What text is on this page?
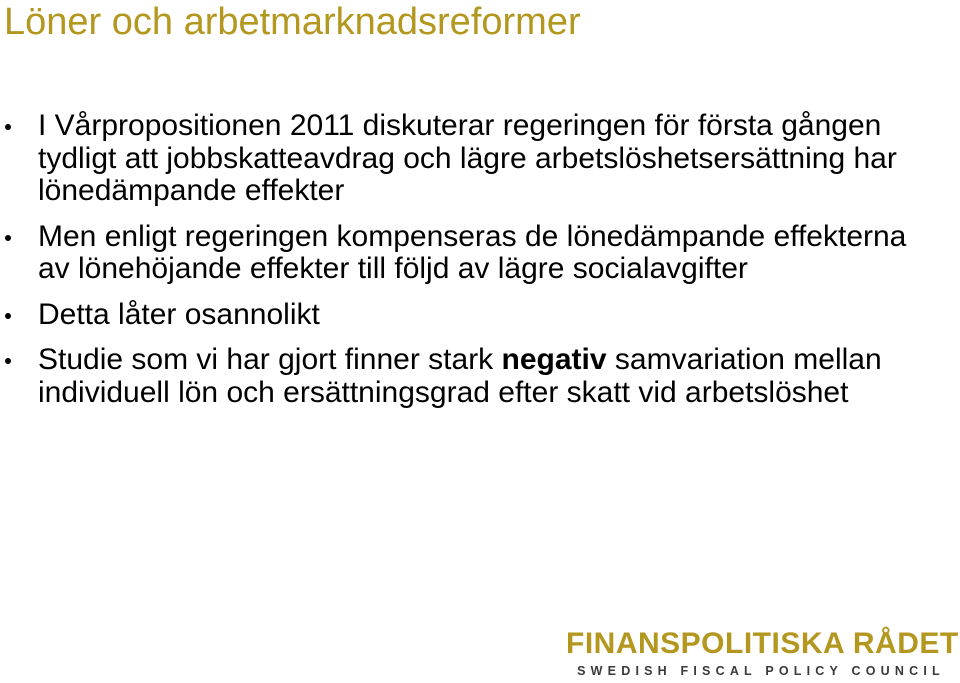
Löner och arbetmarknadsreformer
I Vårpropositionen 2011 diskuterar regeringen för första gången tydligt att jobbskatteavdrag och lägre arbetslöshetsersättning har lönedämpande effekter
Men enligt regeringen kompenseras de lönedämpande effekterna av lönehöjande effekter till följd av lägre socialavgifter
Detta låter osannolikt
Studie som vi har gjort finner stark negativ samvariation mellan individuell lön och ersättningsgrad efter skatt vid arbetslöshet
FINANSPOLITISKA RÅDET
SWEDISH FISCAL POLICY COUNCIL
